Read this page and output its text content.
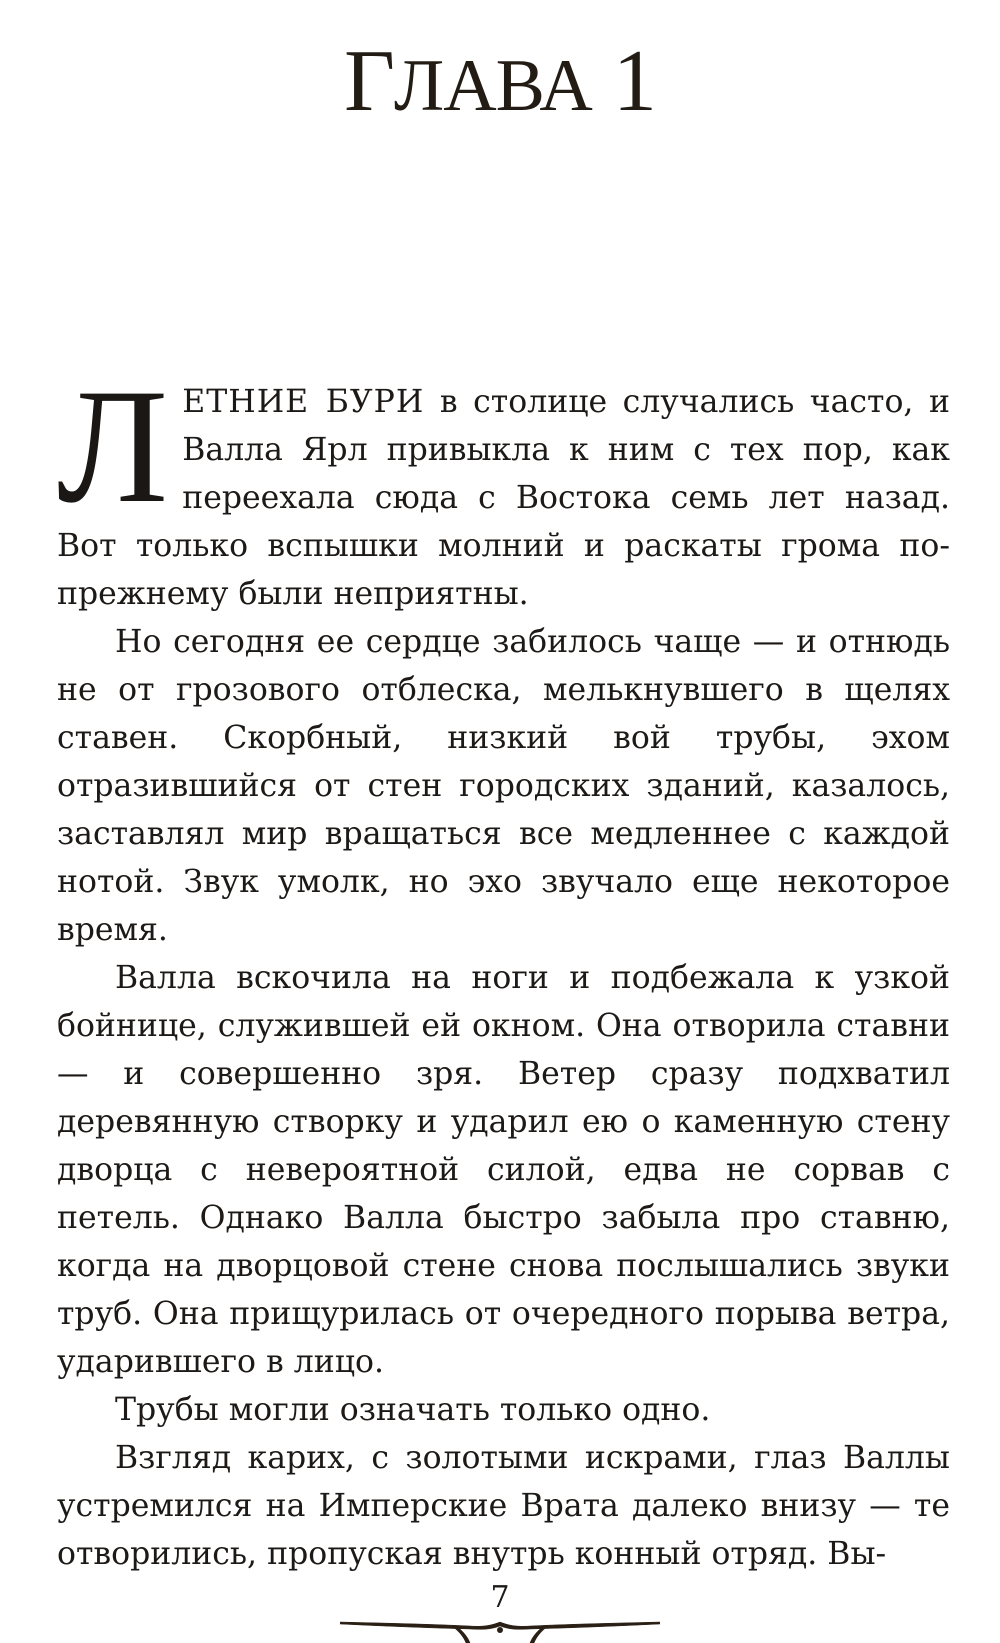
ГЛАВА 1

ЛЕТНИЕ БУРИ в столице случались часто, и Валла Ярл привыкла к ним с тех пор, как переехала сюда с Востока семь лет назад. Вот только вспышки молний и раскаты грома по-прежнему были неприятны.

Но сегодня ее сердце забилось чаще — и отнюдь не от грозового отблеска, мелькнувшего в щелях ставен. Скорбный, низкий вой трубы, эхом отразившийся от стен городских зданий, казалось, заставлял мир вращаться все медленнее с каждой нотой. Звук умолк, но эхо звучало еще некоторое время.

Валла вскочила на ноги и подбежала к узкой бойнице, служившей ей окном. Она отворила ставни — и совершенно зря. Ветер сразу подхватил деревянную створку и ударил ею о каменную стену дворца с невероятной силой, едва не сорвав с петель. Однако Валла быстро забыла про ставню, когда на дворцовой стене снова послышались звуки труб. Она прищурилась от очередного порыва ветра, ударившего в лицо.

Трубы могли означать только одно.

Взгляд карих, с золотыми искрами, глаз Валлы устремился на Имперские Врата далеко внизу — те отворились, пропуская внутрь конный отряд. Вы-

7
